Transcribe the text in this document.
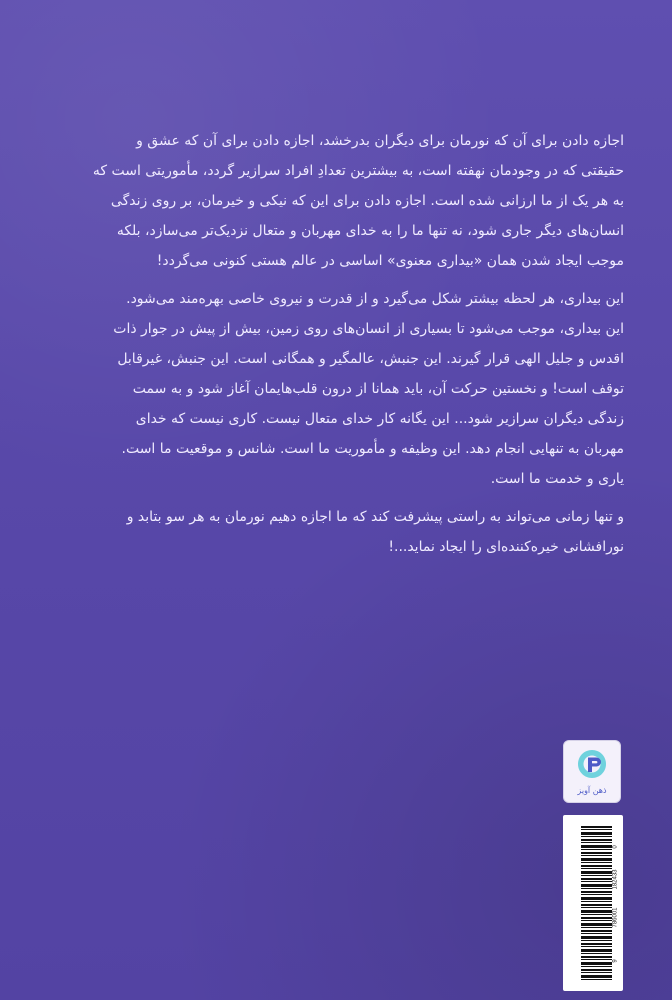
اجازه دادن برای آن که نورمان برای دیگران بدرخشد، اجازه دادن برای آن که عشق و
حقیقتی که در وجودمان نهفته است، به بیشترین تعدادِ افراد سرازیر گردد، مأموریتی است که
به هر یک از ما ارزانی شده است. اجازه دادن برای این که نیکی و خیرمان، بر روی زندگی
انسان‌های دیگر جاری شود، نه تنها ما را به خدای مهربان و متعال نزدیک‌تر می‌سازد، بلکه
موجب ایجاد شدن همان «بیداری معنوی» اساسی در عالم هستی کنونی می‌گردد!

این بیداری، هر لحظه بیشتر شکل می‌گیرد و از قدرت و نیروی خاصی بهره‌مند می‌شود.
این بیداری، موجب می‌شود تا بسیاری از انسان‌های روی زمین، بیش از پیش در جوار ذات
اقدس و جلیل الهی قرار گیرند. این جنبش، عالمگیر و همگانی است. این جنبش، غیرقابل
توقف است! و نخستین حرکت آن، باید همانا از درون قلب‌هایمان آغاز شود و به سمت
زندگی دیگران سرازیر شود... این یگانه کار خدای متعال نیست. کاری نیست که خدای
مهربان به تنهایی انجام دهد. این وظیفه و مأموریت ما است. شانس و موقعیت ما است.
یاری و خدمت ما است.

و تنها زمانی می‌تواند به راستی پیشرفت کند که ما اجازه دهیم نورمان به هر سو بتابد و
نورافشانی خیره‌کننده‌ای را ایجاد نماید...!

ذهن آویز
9
786001
182433
0
